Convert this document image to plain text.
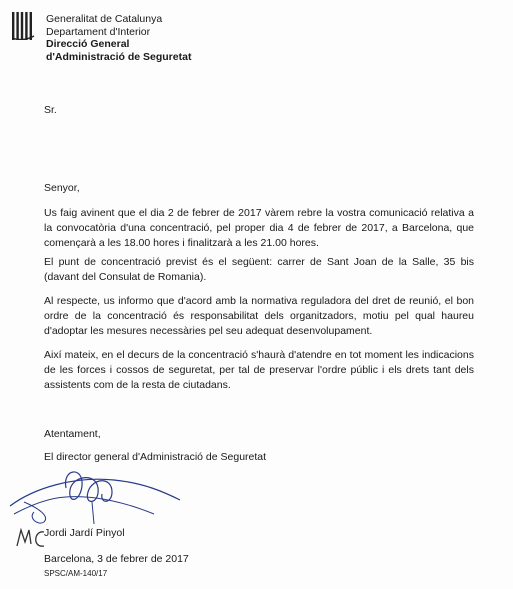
Generalitat de Catalunya
Departament d'Interior
Direcció General
d'Administració de Seguretat
Sr.
Senyor,

Us faig avinent que el dia 2 de febrer de 2017 vàrem rebre la vostra comunicació relativa a la convocatòria d'una concentració, pel proper dia 4 de febrer de 2017, a Barcelona, que començarà a les 18.00 hores i finalitzarà a les 21.00 hores.

El punt de concentració previst és el següent: carrer de Sant Joan de la Salle, 35 bis (davant del Consulat de Romania).

Al respecte, us informo que d'acord amb la normativa reguladora del dret de reunió, el bon ordre de la concentració és responsabilitat dels organitzadors, motiu pel qual haureu d'adoptar les mesures necessàries pel seu adequat desenvolupament.

Així mateix, en el decurs de la concentració s'haurà d'atendre en tot moment les indicacions de les forces i cossos de seguretat, per tal de preservar l'ordre públic i els drets tant dels assistents com de la resta de ciutadans.

Atentament,
El director general d'Administració de Seguretat
Jordi Jardí Pinyol
Barcelona, 3 de febrer de 2017
SPSC/AM-140/17
